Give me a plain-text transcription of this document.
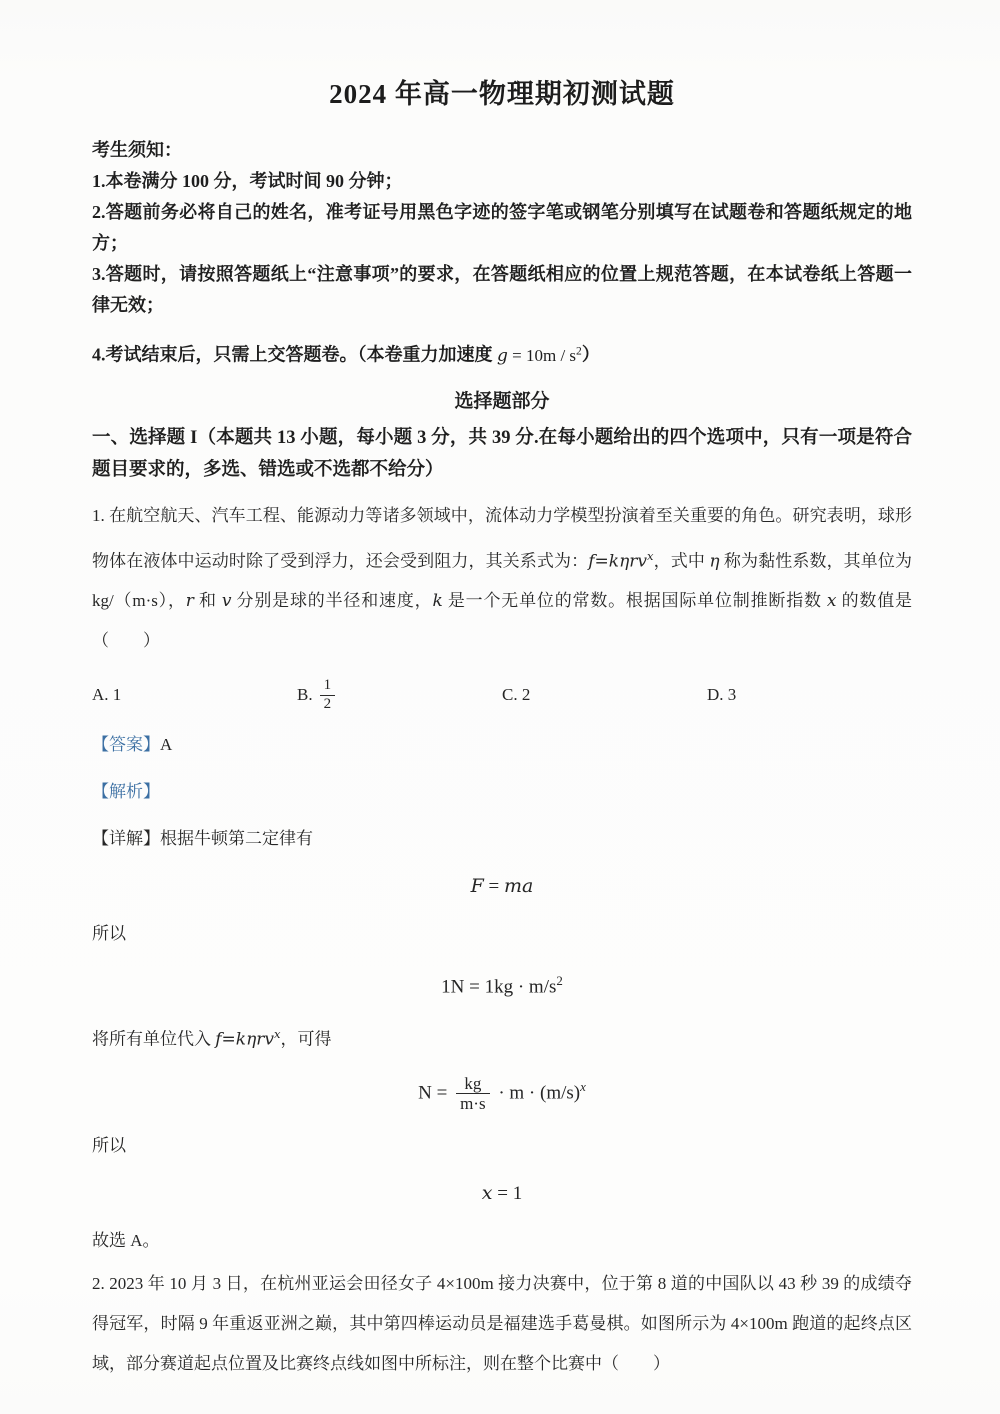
2024 年高一物理期初测试题

考生须知：

1.本卷满分 100 分，考试时间 90 分钟；

2.答题前务必将自己的姓名，准考证号用黑色字迹的签字笔或钢笔分别填写在试题卷和答题纸规定的地方；

3.答题时，请按照答题纸上“注意事项”的要求，在答题纸相应的位置上规范答题，在本试卷纸上答题一律无效；

4.考试结束后，只需上交答题卷。（本卷重力加速度 $g = 10m / s^2$）

选择题部分

一、选择题 I（本题共 13 小题，每小题 3 分，共 39 分.在每小题给出的四个选项中，只有一项是符合题目要求的，多选、错选或不选都不给分）

1. 在航空航天、汽车工程、能源动力等诸多领域中，流体动力学模型扮演着至关重要的角色。研究表明，球形物体在液体中运动时除了受到浮力，还会受到阻力，其关系式为：f=kηrv$^x$，式中 η 称为黏性系数，其单位为 kg/（m·s），r 和 v 分别是球的半径和速度，k 是一个无单位的常数。根据国际单位制推断指数 x 的数值是（　　）

A. 1	B. $\frac{1}{2}$	C. 2	D. 3

【答案】A

【解析】

【详解】根据牛顿第二定律有

F = ma

所以

$1N = 1kg \cdot m/s^2$

将所有单位代入 f=kηrv$^x$，可得

$N = \frac{kg}{m\cdot s} \cdot m \cdot (m/s)^x$

所以

x = 1

故选 A。

2. 2023 年 10 月 3 日，在杭州亚运会田径女子 4×100m 接力决赛中，位于第 8 道的中国队以 43 秒 39 的成绩夺得冠军，时隔 9 年重返亚洲之巅，其中第四棒运动员是福建选手葛曼棋。如图所示为 4×100m 跑道的起终点区域，部分赛道起点位置及比赛终点线如图中所标注，则在整个比赛中（　　）
